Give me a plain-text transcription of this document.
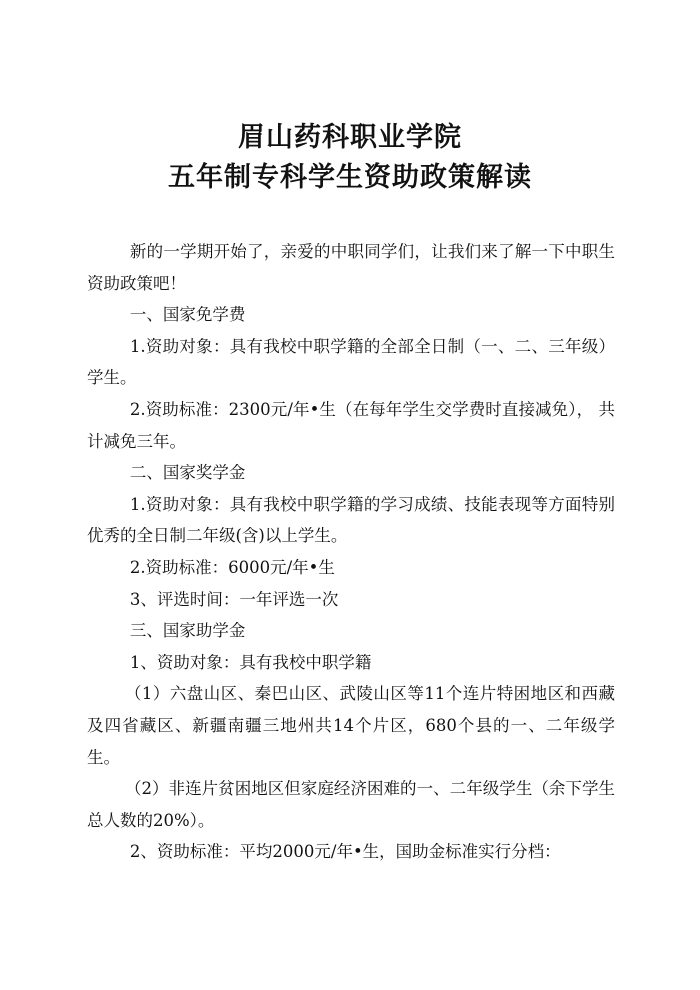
眉山药科职业学院
五年制专科学生资助政策解读

新的一学期开始了，亲爱的中职同学们，让我们来了解一下中职生资助政策吧！

一、国家免学费

1.资助对象：具有我校中职学籍的全部全日制（一、二、三年级）学生。

2.资助标准：2300元/年•生（在每年学生交学费时直接减免）， 共计减免三年。

二、国家奖学金

1.资助对象：具有我校中职学籍的学习成绩、技能表现等方面特别优秀的全日制二年级(含)以上学生。

2.资助标准：6000元/年•生

3、评选时间：一年评选一次

三、国家助学金

1、资助对象：具有我校中职学籍

（1）六盘山区、秦巴山区、武陵山区等11个连片特困地区和西藏及四省藏区、新疆南疆三地州共14个片区，680个县的一、二年级学生。

（2）非连片贫困地区但家庭经济困难的一、二年级学生（余下学生总人数的20%）。

2、资助标准：平均2000元/年•生，国助金标准实行分档：
